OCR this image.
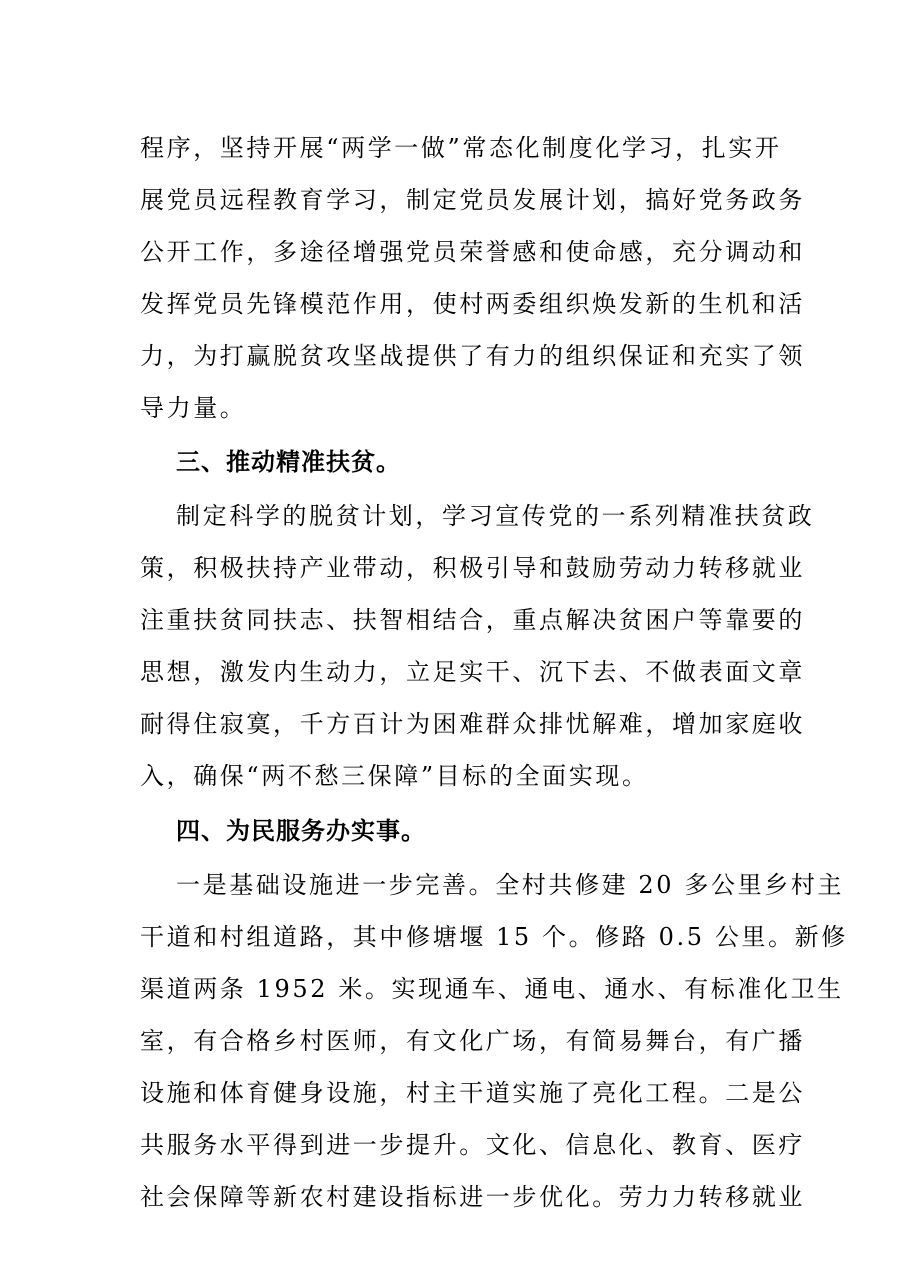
程序，坚持开展“两学一做”常态化制度化学习，扎实开
展党员远程教育学习，制定党员发展计划，搞好党务政务
公开工作，多途径增强党员荣誉感和使命感，充分调动和
发挥党员先锋模范作用，使村两委组织焕发新的生机和活
力，为打赢脱贫攻坚战提供了有力的组织保证和充实了领
导力量。
三、推动精准扶贫。
制定科学的脱贫计划，学习宣传党的一系列精准扶贫政
策，积极扶持产业带动，积极引导和鼓励劳动力转移就业
注重扶贫同扶志、扶智相结合，重点解决贫困户等靠要的
思想，激发内生动力，立足实干、沉下去、不做表面文章
耐得住寂寞，千方百计为困难群众排忧解难，增加家庭收
入，确保“两不愁三保障”目标的全面实现。
四、为民服务办实事。
一是基础设施进一步完善。全村共修建 20 多公里乡村主
干道和村组道路，其中修塘堰 15 个。修路 0.5 公里。新修
渠道两条 1952 米。实现通车、通电、通水、有标准化卫生
室，有合格乡村医师，有文化广场，有简易舞台，有广播
设施和体育健身设施，村主干道实施了亮化工程。二是公
共服务水平得到进一步提升。文化、信息化、教育、医疗
社会保障等新农村建设指标进一步优化。劳力力转移就业
